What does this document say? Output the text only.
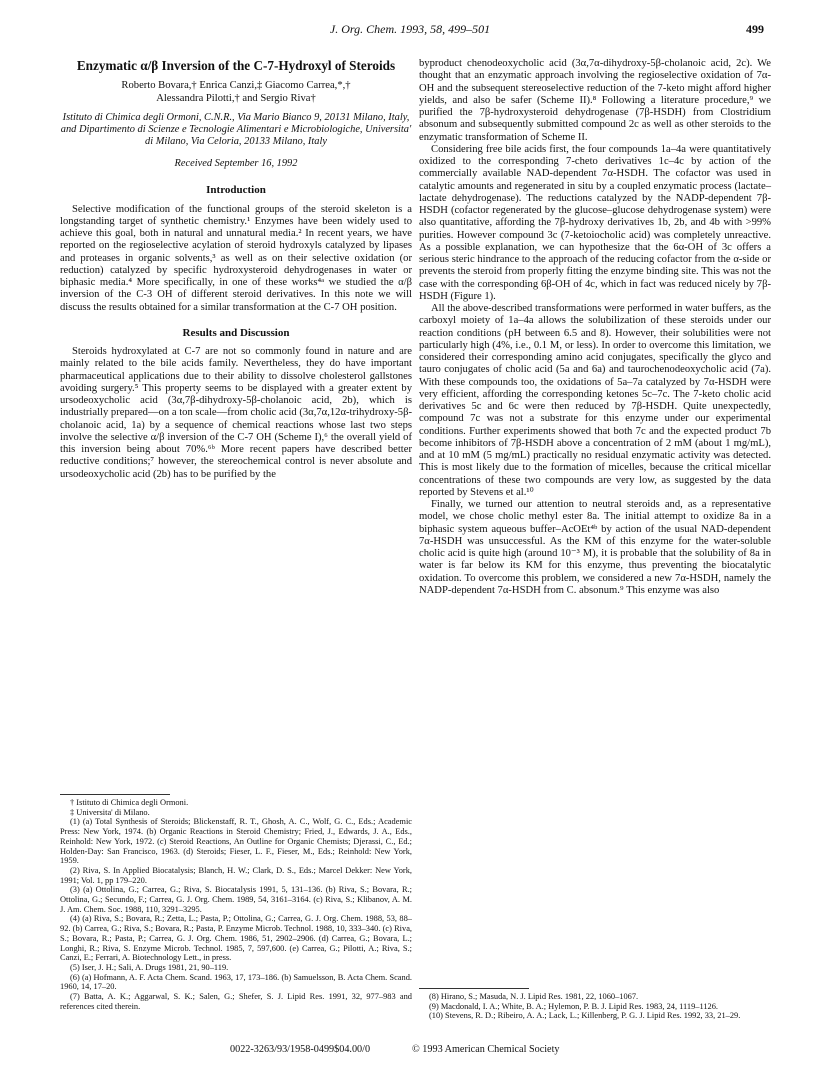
J. Org. Chem. 1993, 58, 499–501	499

Enzymatic α/β Inversion of the C-7-Hydroxyl of Steroids

Roberto Bovara,† Enrica Canzi,‡ Giacomo Carrea,*,†
Alessandra Pilotti,† and Sergio Riva†

Istituto di Chimica degli Ormoni, C.N.R., Via Mario Bianco 9, 20131 Milano, Italy, and Dipartimento di Scienze e Tecnologie Alimentari e Microbiologiche, Universita' di Milano, Via Celoria, 20133 Milano, Italy

Received September 16, 1992

Introduction

Selective modification of the functional groups of the steroid skeleton is a longstanding target of synthetic chemistry.¹ Enzymes have been widely used to achieve this goal, both in natural and unnatural media.² In recent years, we have reported on the regioselective acylation of steroid hydroxyls catalyzed by lipases and proteases in organic solvents,³ as well as on their selective oxidation (or reduction) catalyzed by specific hydroxysteroid dehydrogenases in water or biphasic media.⁴ More specifically, in one of these works⁴ᵃ we studied the α/β inversion of the C-3 OH of different steroid derivatives. In this note we will discuss the results obtained for a similar transformation at the C-7 OH position.

Results and Discussion

Steroids hydroxylated at C-7 are not so commonly found in nature and are mainly related to the bile acids family. Nevertheless, they do have important pharmaceutical applications due to their ability to dissolve cholesterol gallstones avoiding surgery.⁵ This property seems to be displayed with a greater extent by ursodeoxycholic acid (3α,7β-dihydroxy-5β-cholanoic acid, 2b), which is industrially prepared—on a ton scale—from cholic acid (3α,7α,12α-trihydroxy-5β-cholanoic acid, 1a) by a sequence of chemical reactions whose last two steps involve the selective α/β inversion of the C-7 OH (Scheme I),⁶ the overall yield of this inversion being about 70%.⁶ᵇ More recent papers have described better reductive conditions;⁷ however, the stereochemical control is never absolute and ursodeoxycholic acid (2b) has to be purified by the

† Istituto di Chimica degli Ormoni.

‡ Universita' di Milano.

(1) (a) Total Synthesis of Steroids; Blickenstaff, R. T., Ghosh, A. C., Wolf, G. C., Eds.; Academic Press: New York, 1974. (b) Organic Reactions in Steroid Chemistry; Fried, J., Edwards, J. A., Eds., Reinhold: New York, 1972. (c) Steroid Reactions, An Outline for Organic Chemists; Djerassi, C., Ed.; Holden-Day: San Francisco, 1963. (d) Steroids; Fieser, L. F., Fieser, M., Eds.; Reinhold: New York, 1959.

(2) Riva, S. In Applied Biocatalysis; Blanch, H. W.; Clark, D. S., Eds.; Marcel Dekker: New York, 1991; Vol. 1, pp 179–220.

(3) (a) Ottolina, G.; Carrea, G.; Riva, S. Biocatalysis 1991, 5, 131–136. (b) Riva, S.; Bovara, R.; Ottolina, G.; Secundo, F.; Carrea, G. J. Org. Chem. 1989, 54, 3161–3164. (c) Riva, S.; Klibanov, A. M. J. Am. Chem. Soc. 1988, 110, 3291–3295.

(4) (a) Riva, S.; Bovara, R.; Zetta, L.; Pasta, P.; Ottolina, G.; Carrea, G. J. Org. Chem. 1988, 53, 88–92. (b) Carrea, G.; Riva, S.; Bovara, R.; Pasta, P. Enzyme Microb. Technol. 1988, 10, 333–340. (c) Riva, S.; Bovara, R.; Pasta, P.; Carrea, G. J. Org. Chem. 1986, 51, 2902–2906. (d) Carrea, G.; Bovara, L.; Longhi, R.; Riva, S. Enzyme Microb. Technol. 1985, 7, 597,600. (e) Carrea, G.; Pilotti, A.; Riva, S.; Canzi, E.; Ferrari, A. Biotechnology Lett., in press.

(5) Iser, J. H.; Sali, A. Drugs 1981, 21, 90–119.

(6) (a) Hofmann, A. F. Acta Chem. Scand. 1963, 17, 173–186. (b) Samuelsson, B. Acta Chem. Scand. 1960, 14, 17–20.

(7) Batta, A. K.; Aggarwal, S. K.; Salen, G.; Shefer, S. J. Lipid Res. 1991, 32, 977–983 and references cited therein.

byproduct chenodeoxycholic acid (3α,7α-dihydroxy-5β-cholanoic acid, 2c). We thought that an enzymatic approach involving the regioselective oxidation of 7α-OH and the subsequent stereoselective reduction of the 7-keto might afford higher yields, and also be safer (Scheme II).⁸ Following a literature procedure,⁹ we purified the 7β-hydroxysteroid dehydrogenase (7β-HSDH) from Clostridium absonum and subsequently submitted compound 2c as well as other steroids to the enzymatic transformation of Scheme II.

Considering free bile acids first, the four compounds 1a–4a were quantitatively oxidized to the corresponding 7-cheto derivatives 1c–4c by action of the commercially available NAD-dependent 7α-HSDH. The cofactor was used in catalytic amounts and regenerated in situ by a coupled enzymatic process (lactate–lactate dehydrogenase). The reductions catalyzed by the NADP-dependent 7β-HSDH (cofactor regenerated by the glucose–glucose dehydrogenase system) were also quantitative, affording the 7β-hydroxy derivatives 1b, 2b, and 4b with >99% purities. However compound 3c (7-ketoiocholic acid) was completely unreactive. As a possible explanation, we can hypothesize that the 6α-OH of 3c offers a serious steric hindrance to the approach of the reducing cofactor from the α-side or prevents the steroid from properly fitting the enzyme binding site. This was not the case with the corresponding 6β-OH of 4c, which in fact was reduced nicely by 7β-HSDH (Figure 1).

All the above-described transformations were performed in water buffers, as the carboxyl moiety of 1a–4a allows the solubilization of these steroids under our reaction conditions (pH between 6.5 and 8). However, their solubilities were not particularly high (4%, i.e., 0.1 M, or less). In order to overcome this limitation, we considered their corresponding amino acid conjugates, specifically the glyco and tauro conjugates of cholic acid (5a and 6a) and taurochenodeoxycholic acid (7a). With these compounds too, the oxidations of 5a–7a catalyzed by 7α-HSDH were very efficient, affording the corresponding ketones 5c–7c. The 7-keto cholic acid derivatives 5c and 6c were then reduced by 7β-HSDH. Quite unexpectedly, compound 7c was not a substrate for this enzyme under our experimental conditions. Further experiments showed that both 7c and the expected product 7b become inhibitors of 7β-HSDH above a concentration of 2 mM (about 1 mg/mL), and at 10 mM (5 mg/mL) practically no residual enzymatic activity was detected. This is most likely due to the formation of micelles, because the critical micellar concentrations of these two compounds are very low, as suggested by the data reported by Stevens et al.¹⁰

Finally, we turned our attention to neutral steroids and, as a representative model, we chose cholic methyl ester 8a. The initial attempt to oxidize 8a in a biphasic system aqueous buffer–AcOEt⁴ᵇ by action of the usual NAD-dependent 7α-HSDH was unsuccessful. As the KM of this enzyme for the water-soluble cholic acid is quite high (around 10⁻³ M), it is probable that the solubility of 8a in water is far below its KM for this enzyme, thus preventing the biocatalytic oxidation. To overcome this problem, we considered a new 7α-HSDH, namely the NADP-dependent 7α-HSDH from C. absonum.⁹ This enzyme was also

(8) Hirano, S.; Masuda, N. J. Lipid Res. 1981, 22, 1060–1067.

(9) Macdonald, I. A.; White, B. A.; Hylemon, P. B. J. Lipid Res. 1983, 24, 1119–1126.

(10) Stevens, R. D.; Ribeiro, A. A.; Lack, L.; Killenberg, P. G. J. Lipid Res. 1992, 33, 21–29.

0022-3263/93/1958-0499$04.00/0	© 1993 American Chemical Society
